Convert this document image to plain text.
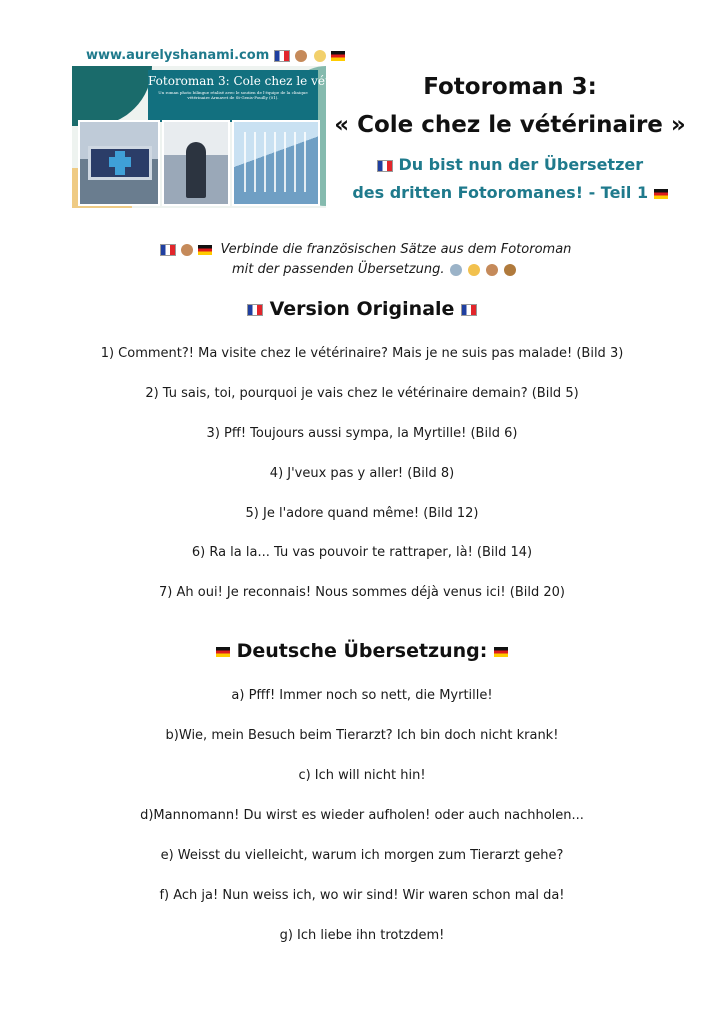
www.aurelyshanami.com
Fotoroman 3: Cole chez le vétérinaire.
Un roman photo bilingue réalisé avec le soutien de l'équipe de la clinique vétérinaire Armavet de St-Genis-Pouilly (01).	Fotoroman 3:
« Cole chez le vétérinaire »
Du bist nun der Übersetzer
des dritten Fotoromanes! - Teil 1
Verbinde die französischen Sätze aus dem Fotoroman
mit der passenden Übersetzung.
Version Originale
1) Comment?! Ma visite chez le vétérinaire? Mais je ne suis pas malade! (Bild 3)
2) Tu sais, toi, pourquoi je vais chez le vétérinaire demain? (Bild 5)
3) Pff! Toujours aussi sympa, la Myrtille! (Bild 6)
4) J'veux pas y aller! (Bild 8)
5) Je l'adore quand même! (Bild 12)
6) Ra la la... Tu vas pouvoir te rattraper, là! (Bild 14)
7) Ah oui! Je reconnais! Nous sommes déjà venus ici! (Bild 20)
Deutsche Übersetzung:
a) Pfff! Immer noch so nett, die Myrtille!
b)Wie, mein Besuch beim Tierarzt? Ich bin doch nicht krank!
c) Ich will nicht hin!
d)Mannomann! Du wirst es wieder aufholen! oder auch nachholen...
e) Weisst du vielleicht, warum ich morgen zum Tierarzt gehe?
f) Ach ja! Nun weiss ich, wo wir sind! Wir waren schon mal da!
g) Ich liebe ihn trotzdem!
